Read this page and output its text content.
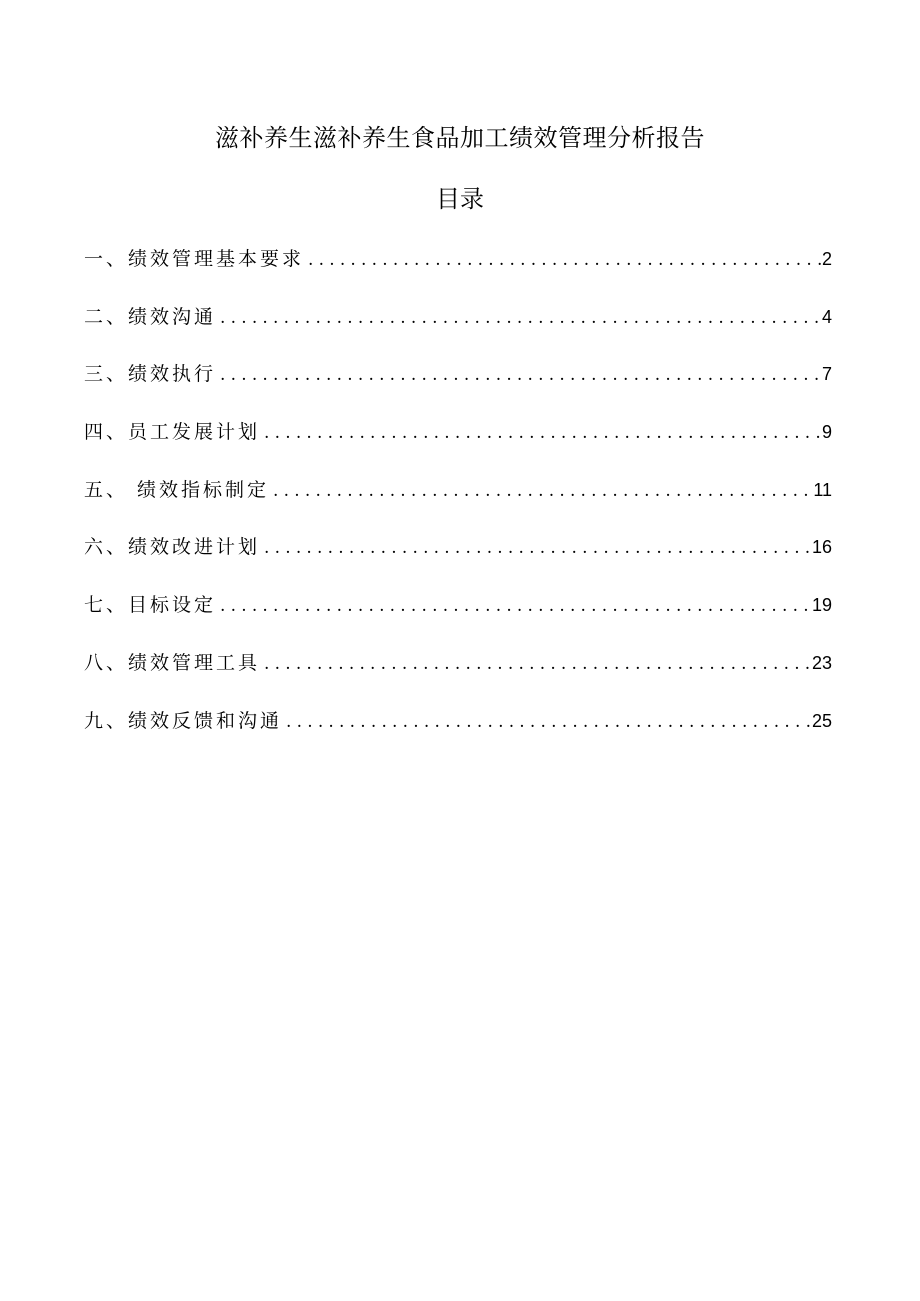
滋补养生滋补养生食品加工绩效管理分析报告
目录
一、绩效管理基本要求 .....	2
二、绩效沟通 .....	4
三、绩效执行 .....	7
四、员工发展计划 .....	9
五、 绩效指标制定 .....	11
六、绩效改进计划 .....	16
七、目标设定 .....	19
八、绩效管理工具 .....	23
九、绩效反馈和沟通 .....	25
